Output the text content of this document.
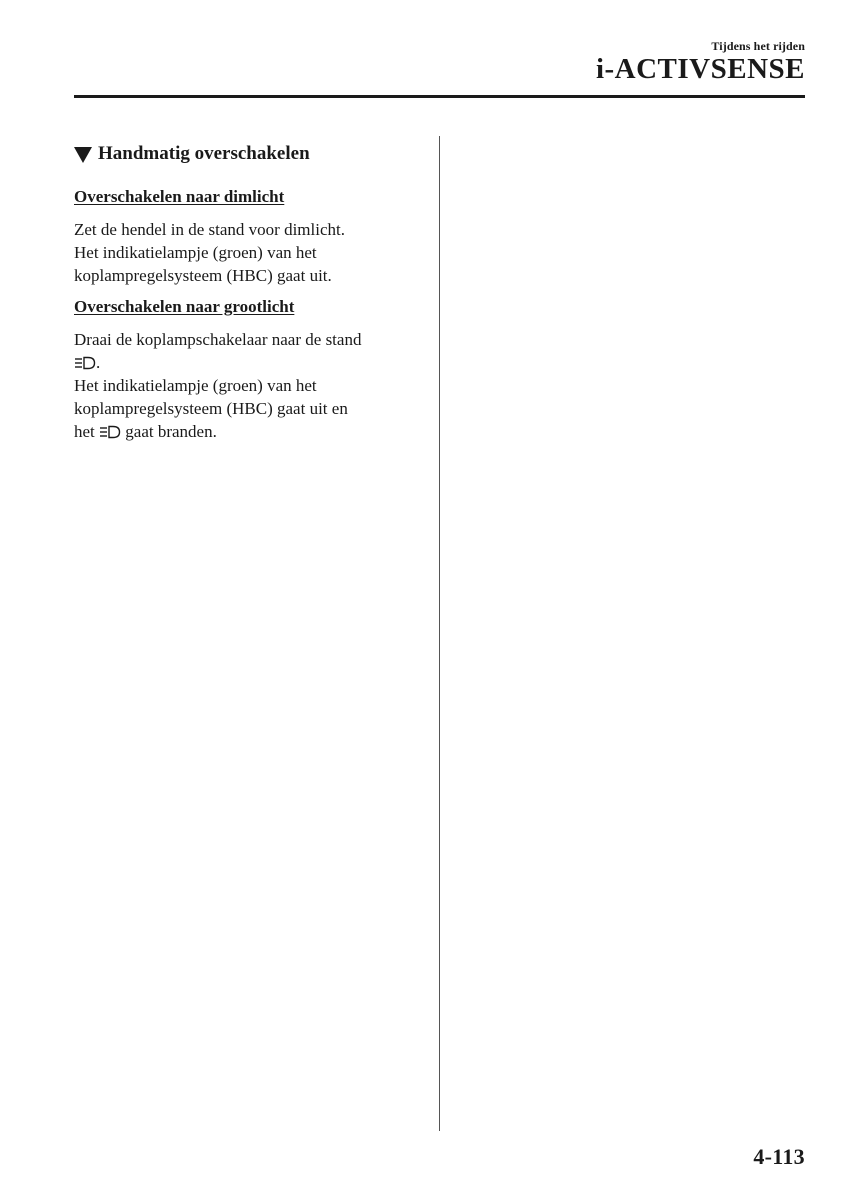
Tijdens het rijden
i-ACTIVSENSE
Handmatig overschakelen
Overschakelen naar dimlicht
Zet de hendel in de stand voor dimlicht.
Het indikatielampje (groen) van het
koplampregelsysteem (HBC) gaat uit.
Overschakelen naar grootlicht
Draai de koplampschakelaar naar de stand
.
Het indikatielampje (groen) van het
koplampregelsysteem (HBC) gaat uit en
het gaat branden.
4-113
